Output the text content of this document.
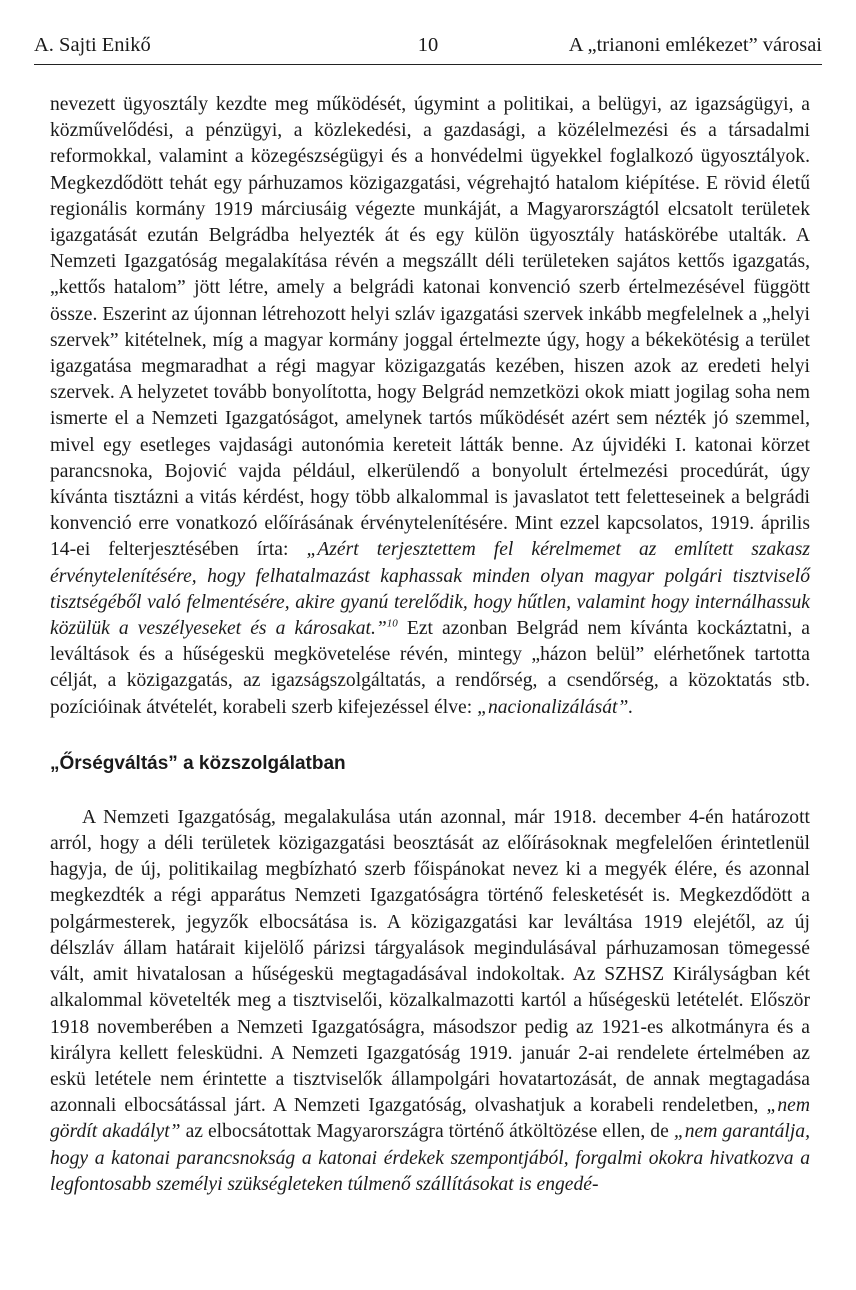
A. Sajti Enikő	10	A „trianoni emlékezet” városai

nevezett ügyosztály kezdte meg működését, úgymint a politikai, a belügyi, az igazságügyi, a közművelődési, a pénzügyi, a közlekedési, a gazdasági, a közélelmezési és a társadalmi reformokkal, valamint a közegészségügyi és a honvédelmi ügyekkel foglalkozó ügyosztályok. Megkezdődött tehát egy párhuzamos közigazgatási, végrehajtó hatalom kiépítése. E rövid életű regionális kormány 1919 márciusáig végezte munkáját, a Magyarországtól elcsatolt területek igazgatását ezután Belgrádba helyezték át és egy külön ügyosztály hatáskörébe utalták. A Nemzeti Igazgatóság megalakítása révén a megszállt déli területeken sajátos kettős igazgatás, „kettős hatalom” jött létre, amely a belgrádi katonai konvenció szerb értelmezésével függött össze. Eszerint az újonnan létrehozott helyi szláv igazgatási szervek inkább megfelelnek a „helyi szervek” kitételnek, míg a magyar kormány joggal értelmezte úgy, hogy a békekötésig a terület igazgatása megmaradhat a régi magyar közigazgatás kezében, hiszen azok az eredeti helyi szervek. A helyzetet tovább bonyolította, hogy Belgrád nemzetközi okok miatt jogilag soha nem ismerte el a Nemzeti Igazgatóságot, amelynek tartós működését azért sem nézték jó szemmel, mivel egy esetleges vajdasági autonómia kereteit látták benne. Az újvidéki I. katonai körzet parancsnoka, Bojović vajda például, elkerülendő a bonyolult értelmezési procedúrát, úgy kívánta tisztázni a vitás kérdést, hogy több alkalommal is javaslatot tett feletteseinek a belgrádi konvenció erre vonatkozó előírásának érvénytelenítésére. Mint ezzel kapcsolatos, 1919. április 14-ei felterjesztésében írta: „Azért terjesztettem fel kérelmemet az említett szakasz érvénytelenítésére, hogy felhatalmazást kaphassak minden olyan magyar polgári tisztviselő tisztségéből való felmentésére, akire gyanú terelődik, hogy hűtlen, valamint hogy internálhassuk közülük a veszélyeseket és a károsakat.”$^{10}$ Ezt azonban Belgrád nem kívánta kockáztatni, a leváltások és a hűségeskü megkövetelése révén, mintegy „házon belül” elérhetőnek tartotta célját, a közigazgatás, az igazságszolgáltatás, a rendőrség, a csendőrség, a közoktatás stb. pozícióinak átvételét, korabeli szerb kifejezéssel élve: „nacionalizálását”.

„Őrségváltás” a közszolgálatban

A Nemzeti Igazgatóság, megalakulása után azonnal, már 1918. december 4-én határozott arról, hogy a déli területek közigazgatási beosztását az előírásoknak megfelelően érintetlenül hagyja, de új, politikailag megbízható szerb főispánokat nevez ki a megyék élére, és azonnal megkezdték a régi apparátus Nemzeti Igazgatóságra történő felesketését is. Megkezdődött a polgármesterek, jegyzők elbocsátása is. A közigazgatási kar leváltása 1919 elejétől, az új délszláv állam határait kijelölő párizsi tárgyalások megindulásával párhuzamosan tömegessé vált, amit hivatalosan a hűségeskü megtagadásával indokoltak. Az SZHSZ Királyságban két alkalommal követelték meg a tisztviselői, közalkalmazotti kartól a hűségeskü letételét. Először 1918 novemberében a Nemzeti Igazgatóságra, másodszor pedig az 1921-es alkotmányra és a királyra kellett felesküdni. A Nemzeti Igazgatóság 1919. január 2-ai rendelete értelmében az eskü letétele nem érintette a tisztviselők állampolgári hovatartozását, de annak megtagadása azonnali elbocsátással járt. A Nemzeti Igazgatóság, olvashatjuk a korabeli rendeletben, „nem gördít akadályt” az elbocsátottak Magyarországra történő átköltözése ellen, de „nem garantálja, hogy a katonai parancsnokság a katonai érdekek szempontjából, forgalmi okokra hivatkozva a legfontosabb személyi szükségleteken túlmenő szállításokat is engedé-
